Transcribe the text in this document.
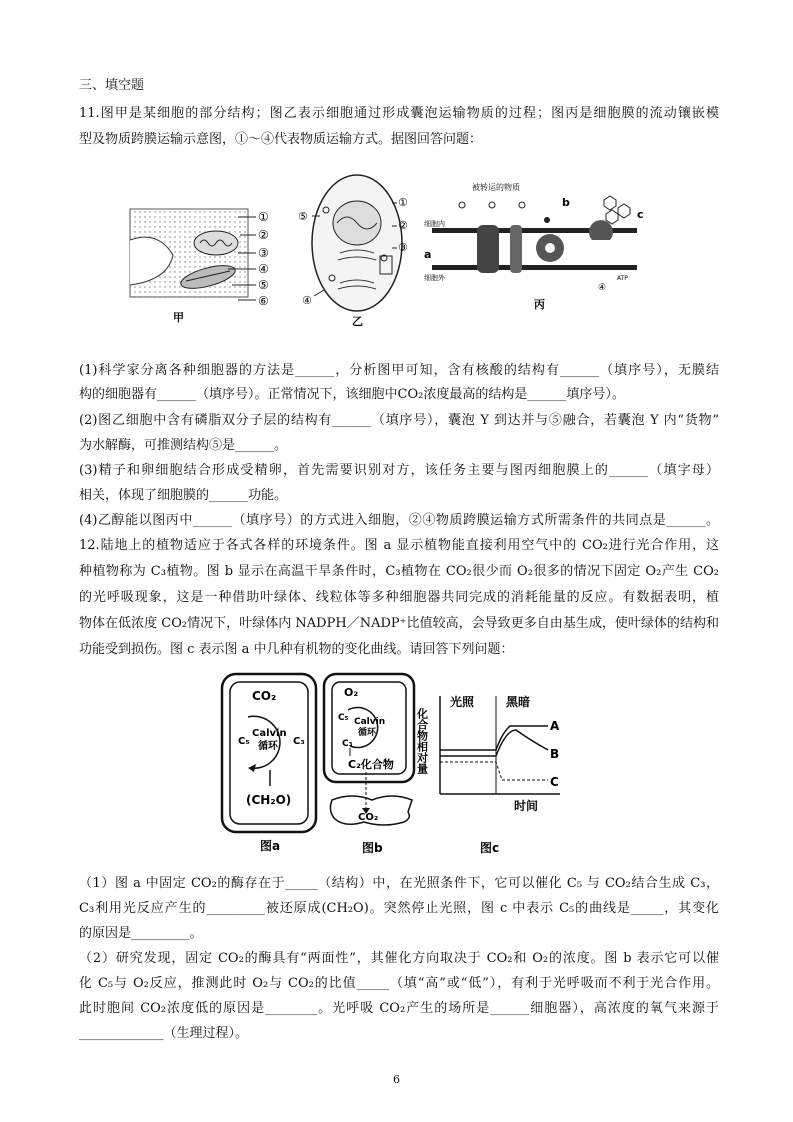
三、填空题
11.图甲是某细胞的部分结构；图乙表示细胞通过形成囊泡运输物质的过程；图丙是细胞膜的流动镶嵌模
型及物质跨膜运输示意图，①～④代表物质运输方式。据图回答问题：
①
②
③
④
⑤
⑥
甲
①
②
③
⑤
④
乙
被转运的物质
细胞内
细胞外
a
b
c
ATP
④
丙
(1)科学家分离各种细胞器的方法是______，分析图甲可知，含有核酸的结构有______（填序号），无膜结
构的细胞器有______（填序号）。正常情况下，该细胞中CO₂浓度最高的结构是______填序号）。
(2)图乙细胞中含有磷脂双分子层的结构有______（填序号），囊泡 Y 到达并与⑤融合，若囊泡 Y 内“货物”
为水解酶，可推测结构⑤是______。
(3)精子和卵细胞结合形成受精卵，首先需要识别对方，该任务主要与图丙细胞膜上的______（填字母）
相关，体现了细胞膜的______功能。
(4)乙醇能以图丙中______（填序号）的方式进入细胞，②④物质跨膜运输方式所需条件的共同点是______。
12.陆地上的植物适应于各式各样的环境条件。图 a 显示植物能直接利用空气中的 CO₂进行光合作用，这
种植物称为 C₃植物。图 b 显示在高温干旱条件时，C₃植物在 CO₂很少而 O₂很多的情况下固定 O₂产生 CO₂
的光呼吸现象，这是一种借助叶绿体、线粒体等多种细胞器共同完成的消耗能量的反应。有数据表明，植
物体在低浓度 CO₂情况下，叶绿体内 NADPH／NADP⁺比值较高，会导致更多自由基生成，使叶绿体的结构和
功能受到损伤。图 c 表示图 a 中几种有机物的变化曲线。请回答下列问题：
CO₂
Calvin
循环
C₅	C₃
(CH₂O)
图a
O₂
Calvin
循环
C₅
C₃
C₂化合物
CO₂
图b
化合物相对量
光照	黑暗
A
B
C
时间
图c
（1）图 a 中固定 CO₂的酶存在于_____（结构）中，在光照条件下，它可以催化 C₅ 与 CO₂结合生成 C₃，
C₃利用光反应产生的_________被还原成(CH₂O)。突然停止光照，图 c 中表示 C₅的曲线是_____，其变化
的原因是_________。
（2）研究发现，固定 CO₂的酶具有“两面性”，其催化方向取决于 CO₂和 O₂的浓度。图 b 表示它可以催
化 C₅与 O₂反应，推测此时 O₂与 CO₂的比值_____（填“高”或“低”），有利于光呼吸而不利于光合作用。
此时胞间 CO₂浓度低的原因是________。光呼吸 CO₂产生的场所是______细胞器），高浓度的氧气来源于
_____________（生理过程）。
6
